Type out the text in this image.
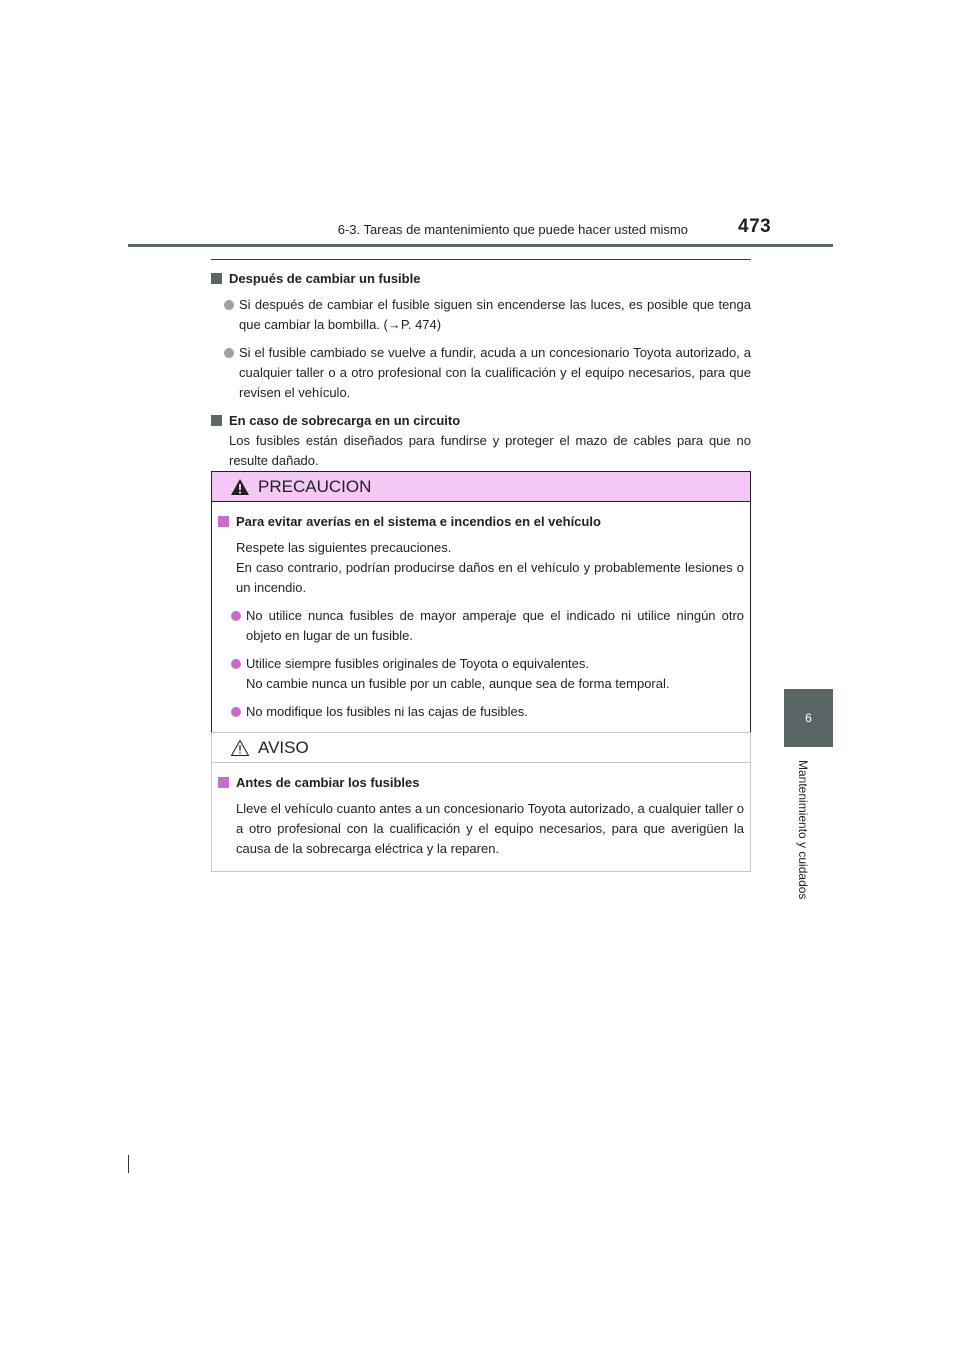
6-3. Tareas de mantenimiento que puede hacer usted mismo	473
6
Mantenimiento y cuidados
Después de cambiar un fusible
Si después de cambiar el fusible siguen sin encenderse las luces, es posible que tenga que cambiar la bombilla. (→P. 474)
Si el fusible cambiado se vuelve a fundir, acuda a un concesionario Toyota autorizado, a cualquier taller o a otro profesional con la cualificación y el equipo necesarios, para que revisen el vehículo.
En caso de sobrecarga en un circuito
Los fusibles están diseñados para fundirse y proteger el mazo de cables para que no resulte dañado.
PRECAUCION
Para evitar averías en el sistema e incendios en el vehículo
Respete las siguientes precauciones.
En caso contrario, podrían producirse daños en el vehículo y probablemente lesiones o un incendio.
No utilice nunca fusibles de mayor amperaje que el indicado ni utilice ningún otro objeto en lugar de un fusible.
Utilice siempre fusibles originales de Toyota o equivalentes.
No cambie nunca un fusible por un cable, aunque sea de forma temporal.
No modifique los fusibles ni las cajas de fusibles.
AVISO
Antes de cambiar los fusibles
Lleve el vehículo cuanto antes a un concesionario Toyota autorizado, a cualquier taller o a otro profesional con la cualificación y el equipo necesarios, para que averigüen la causa de la sobrecarga eléctrica y la reparen.
